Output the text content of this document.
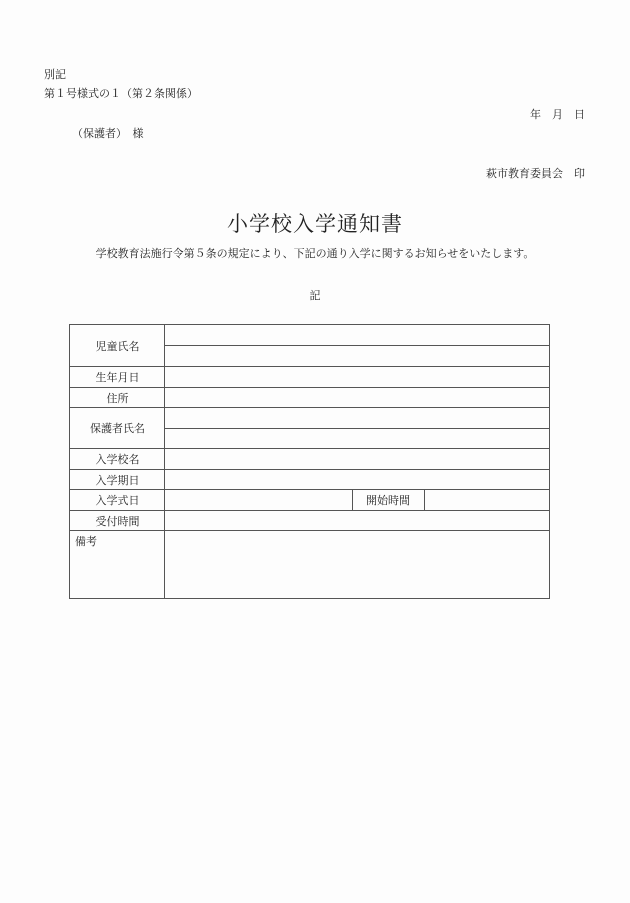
別記
第１号様式の１（第２条関係）
年　月　日
（保護者）　様
萩市教育委員会　印
小学校入学通知書
学校教育法施行令第５条の規定により、下記の通り入学に関するお知らせをいたします。
記
児童氏名
生年月日
住所
保護者氏名
入学校名
入学期日
入学式日
受付時間
備考
開始時間
